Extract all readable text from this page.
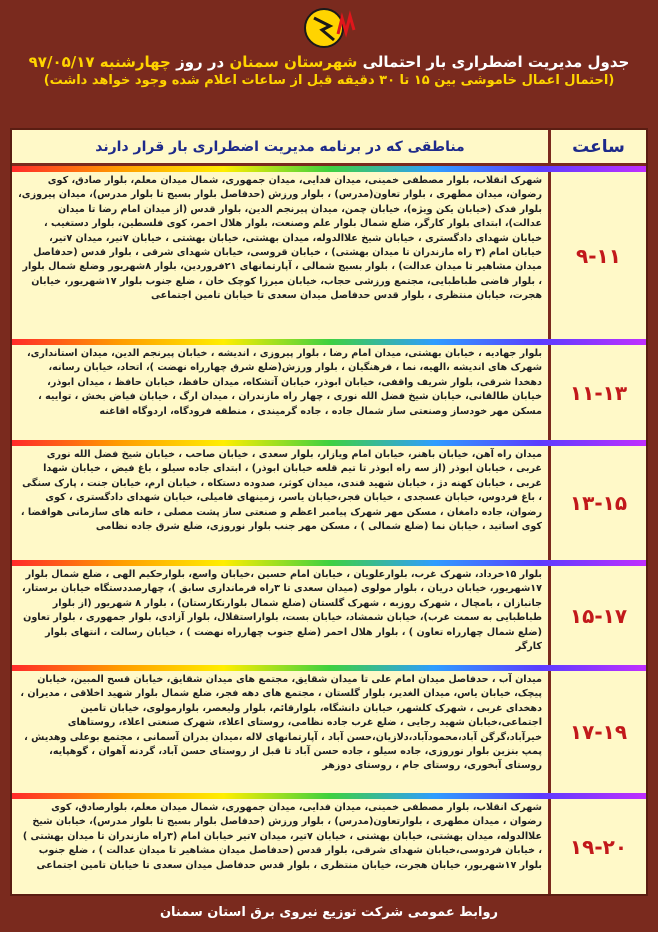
جدول مدیریت اضطراری بار احتمالی شهرستان سمنان در روز چهارشنبه ۹۷/۰۵/۱۷
(احتمال اعمال خاموشی بین ۱۵ تا ۳۰ دقیقه قبل از ساعات اعلام شده وجود خواهد داشت)
ساعت
مناطقی که در برنامه مدیریت اضطراری بار قرار دارند
۹-۱۱
شهرک انقلاب، بلوار مصطفی خمینی، میدان فدایی، میدان جمهوری، شمال میدان معلم، بلوار صادق، کوی رضوان، میدان مطهری ، بلوار تعاون(مدرس) ، بلوار ورزش (حدفاصل بلوار بسیج تا بلوار مدرس)، میدان پیروزی، بلوار فدک (خیابان یکن ویژه)، خیابان چمن، میدان پیرنجم الدین، بلوار قدس (از میدان امام رضا تا میدان عدالت)، ابتدای بلوار کارگر، ضلع شمال بلوار علم وصنعت، بلوار هلال احمر، کوی فلسطین، بلوار دستغیب ، خیابان شهدای دادگستری ، خیابان شیخ علاالدوله، میدان بهشتی، خیابان بهشتی ، خیابان ۷تیر، میدان ۷تیر، خیابان امام (۳ راه مازندران تا میدان بهشتی) ، خیابان قروسی، خیابان شهدای شرقی ، بلوار قدس (حدفاصل میدان مشاهیر تا میدان عدالت) ، بلوار بسیج شمالی ، آپارتمانهای ۲۱فروردین، بلوار ۸شهریور وضلع شمال بلوار ، بلوار قاضی طباطبایی، مجتمع ورزشی حجاب، خیابان میرزا کوچک خان ، ضلع جنوب بلوار ۱۷شهریور، خیابان هجرت، خیابان منتظری ، بلوار قدس حدفاصل میدان سعدی تا خیابان تامین اجتماعی
۱۱-۱۳
بلوار جهادیه ، خیابان بهشتی، میدان امام رضا ، بلوار پیروزی ، اندیشه ، خیابان پیرنجم الدین، میدان استانداری، شهرک های اندیشه ،الهیه، نما ، فرهنگیان ، بلوار ورزش(ضلع شرق چهارراه نهضت )، اتحاد، خیابان رسانه، دهخدا شرقی، بلوار شریف واقفی، خیابان ابوذر، خیابان آتشکاه، میدان حافظ، خیابان حافظ ، میدان ابوذر، خیابان طالقانی، خیابان شیخ فضل الله نوری ، چهار راه مازندران ، میدان ارگ ، خیابان فیاض بخش ، تواییه ، مسکن مهر خودساز وصنعتی ساز شمال جاده ، جاده گرمیندی ، منطقه فرودگاه، اردوگاه اقاغنه
۱۳-۱۵
میدان راه آهن، خیابان باهنر، خیابان امام ویازار، بلوار سعدی ، خیابان صاحب ، خیابان شیخ فضل الله نوری غربی ، خیابان ابوذر (از سه راه ابوذر تا تیم قلعه خیابان ابوذر) ، ابتدای جاده سیلو ، باغ فیض ، خیابان شهدا غربی ، خیابان کهنه دژ ، خیابان شهید قندی، میدان کوثر، صدوده دستکاه ، خیابان ارم، خیابان جنت ، پارک سنگی ، باغ فردوس، خیابان عسجدی ، خیابان فجر،خیابان یاسر، زمینهای فامیلی، خیابان شهدای دادگستری ، کوی رضوان، جاده دامغان ، مسکن مهر شهرک پیامبر اعظم و صنعتی ساز پشت مصلی ، خانه های سازمانی هواقضا ، کوی اساتید ، خیابان نما (ضلع شمالی ) ، مسکن مهر جنب بلوار نوروزی، ضلع شرق جاده نظامی
۱۵-۱۷
بلوار ۱۵خرداد، شهرک غرب، بلوارعلویان ، خیابان امام حسین ،خیابان واسع، بلوارحکیم الهی ، ضلع شمال بلوار ۱۷شهریور، خیابان دریان ، بلوار مولوی (میدان سعدی تا ۳راه فرمانداری سابق )، چهارصددستگاه خیابان برستار، جانبازان ، بامچال ، شهرک روزبه ، شهرک گلستان (ضلع شمال بلوارنکارستان) ، بلوار ۸ شهریور (از بلوار طباطبایی به سمت غرب)، خیابان شمشاد، خیابان بست، بلواراستقلال، بلوار آزادی، بلوار جمهوری ، بلوار تعاون (ضلع شمال چهارراه تعاون ) ، بلوار هلال احمر (ضلع جنوب چهارراه نهضت ) ، خیابان رسالت ، انتهای بلوار کارگر
۱۷-۱۹
میدان آب ، حدفاصل میدان امام علی تا میدان شقایق، مجتمع های میدان شقایق، خیابان قسح المبین، خیابان پیچک، خیابان یاس، میدان الغدیر، بلوار گلستان ، مجتمع های دهه فجر، ضلع شمال بلوار شهید اخلاقی ، مدیران ، دهخدای غربی ، شهرک کلشهر، خیابان دانشگاه، بلوارقائم، بلوار ولیعصر، بلوارمولوی، خیابان تامین اجتماعی،خیابان شهید رجایی ، ضلع غرب جاده نظامی، روستای اعلاء، شهرک صنعتی اعلاء، روستاهای خیرآباد،گرگن آباد،محمودآباد،دلازیان،حسن آباد ، آپارتمانهای لاله ،میدان بدران آسمانی ، مجتمع بوعلی وهدیش ، پمپ بنزین بلوار نوروزی، جاده سیلو ، جاده حسن آباد تا قبل از روستای حسن آباد، گردنه آهوان ، گوهپایه، روستای آبخوری، روستای جام ، روستای دوزهر
۱۹-۲۰
شهرک انقلاب، بلوار مصطفی خمینی، میدان فدایی، میدان جمهوری، شمال میدان معلم، بلوارصادق، کوی رضوان ، میدان مطهری ، بلوارتعاون(مدرس) ، بلوار ورزش (حدفاصل بلوار بسیج تا بلوار مدرس)، خیابان شیخ علاالدوله، میدان بهشتی، خیابان بهشتی ، خیابان ۷تیر، میدان ۷تیر خیابان امام (۳راه مازندران تا میدان بهشتی ) ، خیابان فردوسی،خیابان شهدای شرقی، بلوار قدس (حدفاصل میدان مشاهیر تا میدان عدالت ) ، ضلع جنوب بلوار ۱۷شهریور، خیابان هجرت، خیابان منتظری ، بلوار قدس حدفاصل میدان سعدی تا خیابان تامین اجتماعی
روابط عمومی شرکت توزیع نیروی برق استان سمنان
